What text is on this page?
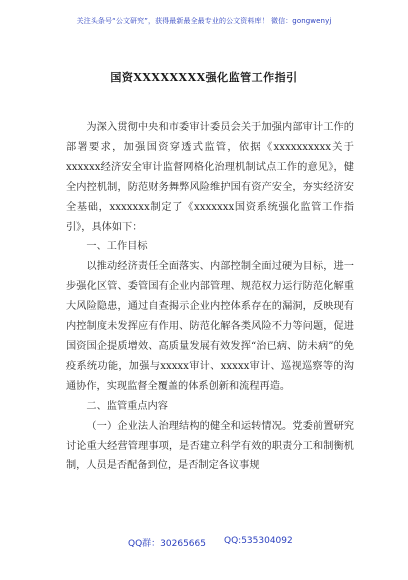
关注头条号“公文研究”，获得最新最全最专业的公文资料库！ 微信：gongwenyj
国资XXXXXXXX强化监管工作指引

为深入贯彻中央和市委审计委员会关于加强内部审计工作的部署要求，加强国资穿透式监管，依据《xxxxxxxxxx关于xxxxxx经济安全审计监督网格化治理机制试点工作的意见》，健全内控机制，防范财务舞弊风险维护国有资产安全，夯实经济安全基础，xxxxxxx制定了《xxxxxxx国资系统强化监管工作指引》，具体如下：

一、工作目标

以推动经济责任全面落实、内部控制全面过硬为目标，进一步强化区管、委管国有企业内部管理、规范权力运行防范化解重大风险隐患，通过自查揭示企业内控体系存在的漏洞，反映现有内控制度未发挥应有作用、防范化解各类风险不力等问题，促进国资国企提质增效、高质量发展有效发挥“治已病、防未病”的免疫系统功能，加强与xxxxx审计、xxxxx审计、巡视巡察等的沟通协作，实现监督全覆盖的体系创新和流程再造。

二、监管重点内容

（一）企业法人治理结构的健全和运转情况。党委前置研究讨论重大经营管理事项，是否建立科学有效的职责分工和制衡机制，人员是否配备到位，是否制定各议事规

QQ群：30265665 QQ:535304092
